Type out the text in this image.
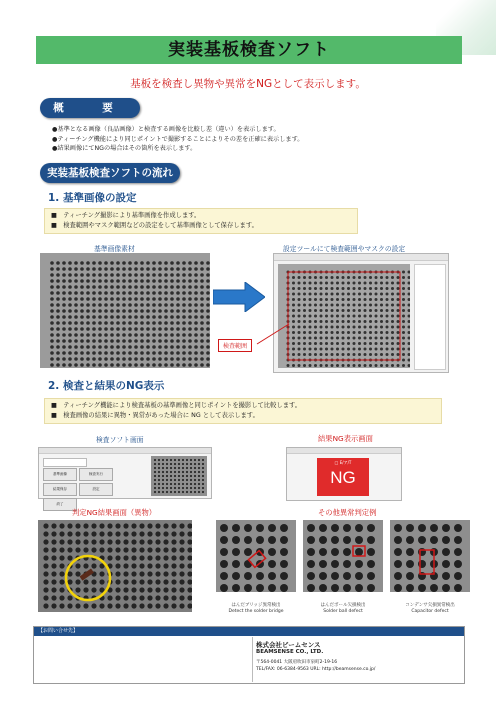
実装基板検査ソフト
基板を検査し異物や異常をNGとして表示します。
概　要
●基準となる画像（良品画像）と検査する画像を比較し差（違い）を表示します。
●ティーチング機能により同じポイントで撮影することによりその差を正確に表示します。
●結果画像にてNGの場合はその箇所を表示します。
実装基板検査ソフトの流れ
1. 基準画像の設定
■　ティーチング撮影により基準画像を作成します。
■　検査範囲やマスク範囲などの設定をして基準画像として保存します。
基準画像素材	設定ツールにて検査範囲やマスクの設定
検査範囲
2. 検査と結果のNG表示
■　ティーチング機能により検査基板の基準画像と同じポイントを撮影して比較します。
■　検査画像の結果に異物・異常があった場合に NG として表示します。
検査ソフト画面	結果NG表示画面
基準画像	検査実行
結果保存	設定
終了
□ E/ア/T
NG
判定NG結果画面（異物）	その他異常判定例
はんだブリッジ異常検出
Detect the solder bridge
はんだボール欠損検出
Solder ball defect
コンデンサ欠損異常検出
Capacitor defect
【お問い合せ先】
株式会社ビームセンス
BEAMSENSE CO., LTD.
〒564-0041 大阪府吹田市泉町2-19-16
TEL/FAX: 06-6384-9563 URL: http://beamsense.co.jp/
